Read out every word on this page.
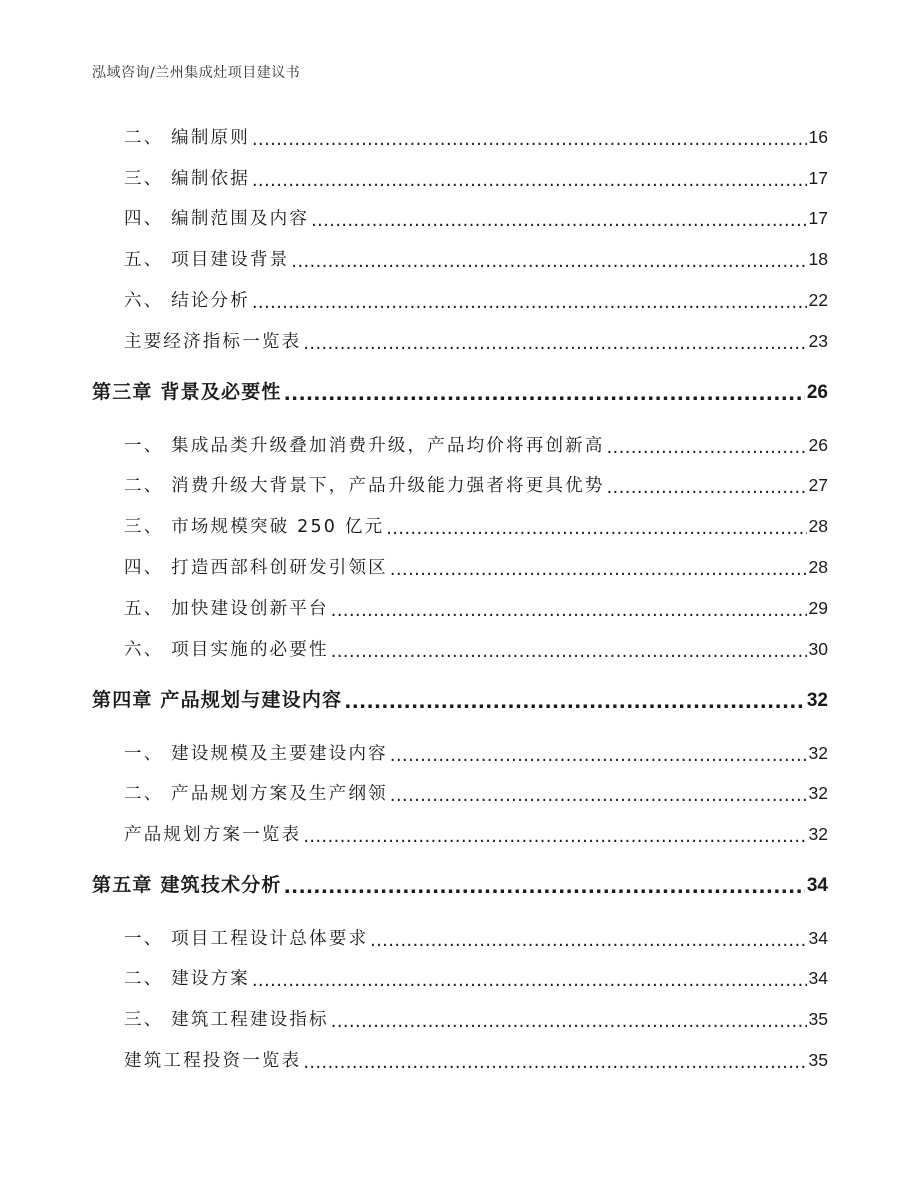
泓域咨询/兰州集成灶项目建议书
二、 编制原则 .....	16
三、 编制依据 .....	17
四、 编制范围及内容 .....	17
五、 项目建设背景 .....	18
六、 结论分析 .....	22
主要经济指标一览表 .....	23
第三章 背景及必要性 .....	26
一、 集成品类升级叠加消费升级，产品均价将再创新高 .....	26
二、 消费升级大背景下，产品升级能力强者将更具优势 .....	27
三、 市场规模突破 250 亿元 .....	28
四、 打造西部科创研发引领区 .....	28
五、 加快建设创新平台 .....	29
六、 项目实施的必要性 .....	30
第四章 产品规划与建设内容 .....	32
一、 建设规模及主要建设内容 .....	32
二、 产品规划方案及生产纲领 .....	32
产品规划方案一览表 .....	32
第五章 建筑技术分析 .....	34
一、 项目工程设计总体要求 .....	34
二、 建设方案 .....	34
三、 建筑工程建设指标 .....	35
建筑工程投资一览表 .....	35
